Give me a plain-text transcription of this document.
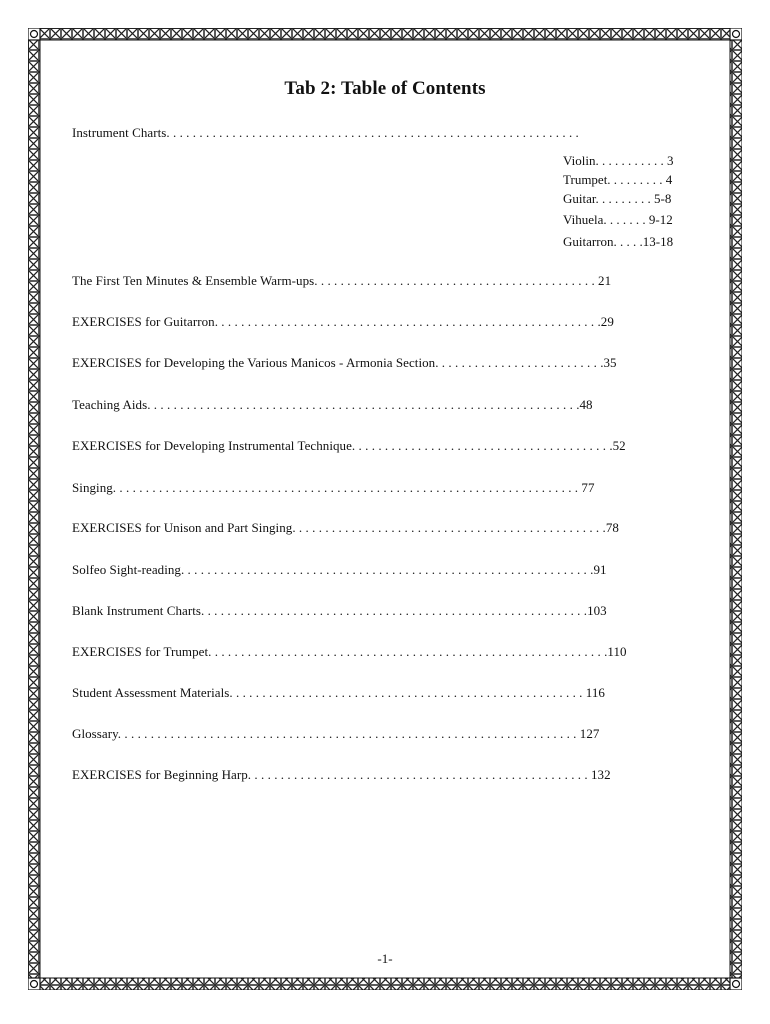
Tab 2: Table of Contents
Instrument Charts. . . . . . . . . . . . . . . . . . . . . . . . . . . . . . . . . . . . . . . . . . . . . . . . . . . . . . . . . . . . . . .
Violin. . . . . . . . . . . 3
Trumpet. . . . . . . . . 4
Guitar. . . . . . . . . 5-8
Vihuela. . . . . . . 9-12
Guitarron. . . . .13-18
The First Ten Minutes & Ensemble Warm-ups. . . . . . . . . . . . . . . . . . . . . . . . . . . . . . . . . . . . . . . . . . . 21
EXERCISES for Guitarron. . . . . . . . . . . . . . . . . . . . . . . . . . . . . . . . . . . . . . . . . . . . . . . . . . . . . . . . . . .29
EXERCISES for Developing the Various Manicos - Armonia Section. . . . . . . . . . . . . . . . . . . . . . . . . .35
Teaching Aids. . . . . . . . . . . . . . . . . . . . . . . . . . . . . . . . . . . . . . . . . . . . . . . . . . . . . . . . . . . . . . . . . .48
EXERCISES for Developing Instrumental Technique. . . . . . . . . . . . . . . . . . . . . . . . . . . . . . . . . . . . . . . .52
Singing. . . . . . . . . . . . . . . . . . . . . . . . . . . . . . . . . . . . . . . . . . . . . . . . . . . . . . . . . . . . . . . . . . . . . . . 77
EXERCISES for Unison and Part Singing. . . . . . . . . . . . . . . . . . . . . . . . . . . . . . . . . . . . . . . . . . . . . . . .78
Solfeo Sight-reading. . . . . . . . . . . . . . . . . . . . . . . . . . . . . . . . . . . . . . . . . . . . . . . . . . . . . . . . . . . . . . .91
Blank Instrument Charts. . . . . . . . . . . . . . . . . . . . . . . . . . . . . . . . . . . . . . . . . . . . . . . . . . . . . . . . . . .103
EXERCISES for Trumpet. . . . . . . . . . . . . . . . . . . . . . . . . . . . . . . . . . . . . . . . . . . . . . . . . . . . . . . . . . . . .110
Student Assessment Materials. . . . . . . . . . . . . . . . . . . . . . . . . . . . . . . . . . . . . . . . . . . . . . . . . . . . . . 116
Glossary. . . . . . . . . . . . . . . . . . . . . . . . . . . . . . . . . . . . . . . . . . . . . . . . . . . . . . . . . . . . . . . . . . . . . . 127
EXERCISES for Beginning Harp. . . . . . . . . . . . . . . . . . . . . . . . . . . . . . . . . . . . . . . . . . . . . . . . . . . . 132
-1-
